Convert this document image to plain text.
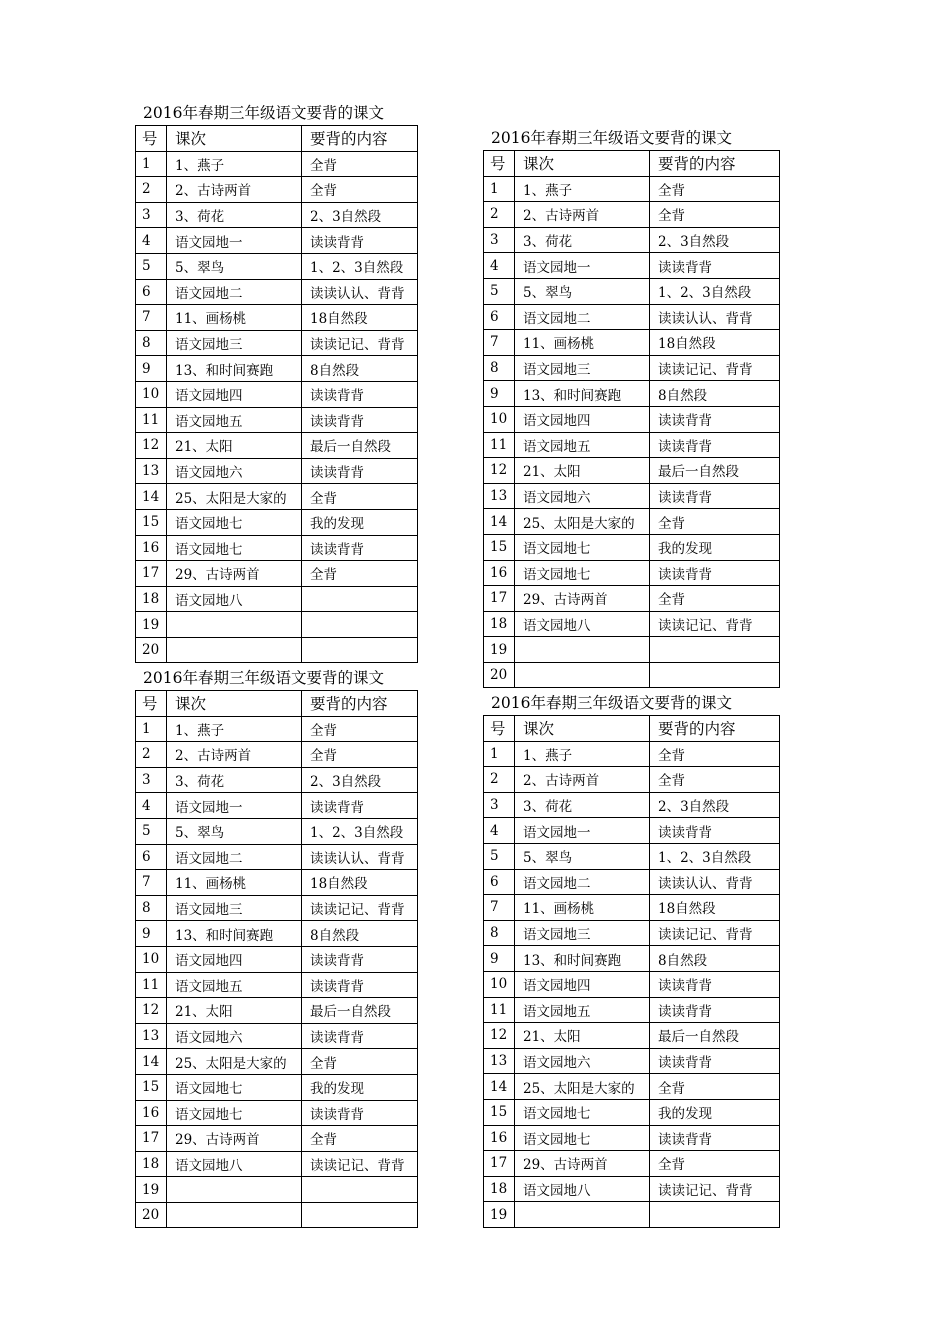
2016年春期三年级语文要背的课文
号	课次	要背的内容
1	1、燕子	全背
2	2、古诗两首	全背
3	3、荷花	2、3自然段
4	语文园地一	读读背背
5	5、翠鸟	1、2、3自然段
6	语文园地二	读读认认、背背
7	11、画杨桃	18自然段
8	语文园地三	读读记记、背背
9	13、和时间赛跑	8自然段
10	语文园地四	读读背背
11	语文园地五	读读背背
12	21、太阳	最后一自然段
13	语文园地六	读读背背
14	25、太阳是大家的	全背
15	语文园地七	我的发现
16	语文园地七	读读背背
17	29、古诗两首	全背
18	语文园地八	
19		
20		
2016年春期三年级语文要背的课文
号	课次	要背的内容
1	1、燕子	全背
2	2、古诗两首	全背
3	3、荷花	2、3自然段
4	语文园地一	读读背背
5	5、翠鸟	1、2、3自然段
6	语文园地二	读读认认、背背
7	11、画杨桃	18自然段
8	语文园地三	读读记记、背背
9	13、和时间赛跑	8自然段
10	语文园地四	读读背背
11	语文园地五	读读背背
12	21、太阳	最后一自然段
13	语文园地六	读读背背
14	25、太阳是大家的	全背
15	语文园地七	我的发现
16	语文园地七	读读背背
17	29、古诗两首	全背
18	语文园地八	读读记记、背背
19		
20		
2016年春期三年级语文要背的课文
号	课次	要背的内容
1	1、燕子	全背
2	2、古诗两首	全背
3	3、荷花	2、3自然段
4	语文园地一	读读背背
5	5、翠鸟	1、2、3自然段
6	语文园地二	读读认认、背背
7	11、画杨桃	18自然段
8	语文园地三	读读记记、背背
9	13、和时间赛跑	8自然段
10	语文园地四	读读背背
11	语文园地五	读读背背
12	21、太阳	最后一自然段
13	语文园地六	读读背背
14	25、太阳是大家的	全背
15	语文园地七	我的发现
16	语文园地七	读读背背
17	29、古诗两首	全背
18	语文园地八	读读记记、背背
19		
20		
2016年春期三年级语文要背的课文
号	课次	要背的内容
1	1、燕子	全背
2	2、古诗两首	全背
3	3、荷花	2、3自然段
4	语文园地一	读读背背
5	5、翠鸟	1、2、3自然段
6	语文园地二	读读认认、背背
7	11、画杨桃	18自然段
8	语文园地三	读读记记、背背
9	13、和时间赛跑	8自然段
10	语文园地四	读读背背
11	语文园地五	读读背背
12	21、太阳	最后一自然段
13	语文园地六	读读背背
14	25、太阳是大家的	全背
15	语文园地七	我的发现
16	语文园地七	读读背背
17	29、古诗两首	全背
18	语文园地八	读读记记、背背
19		
